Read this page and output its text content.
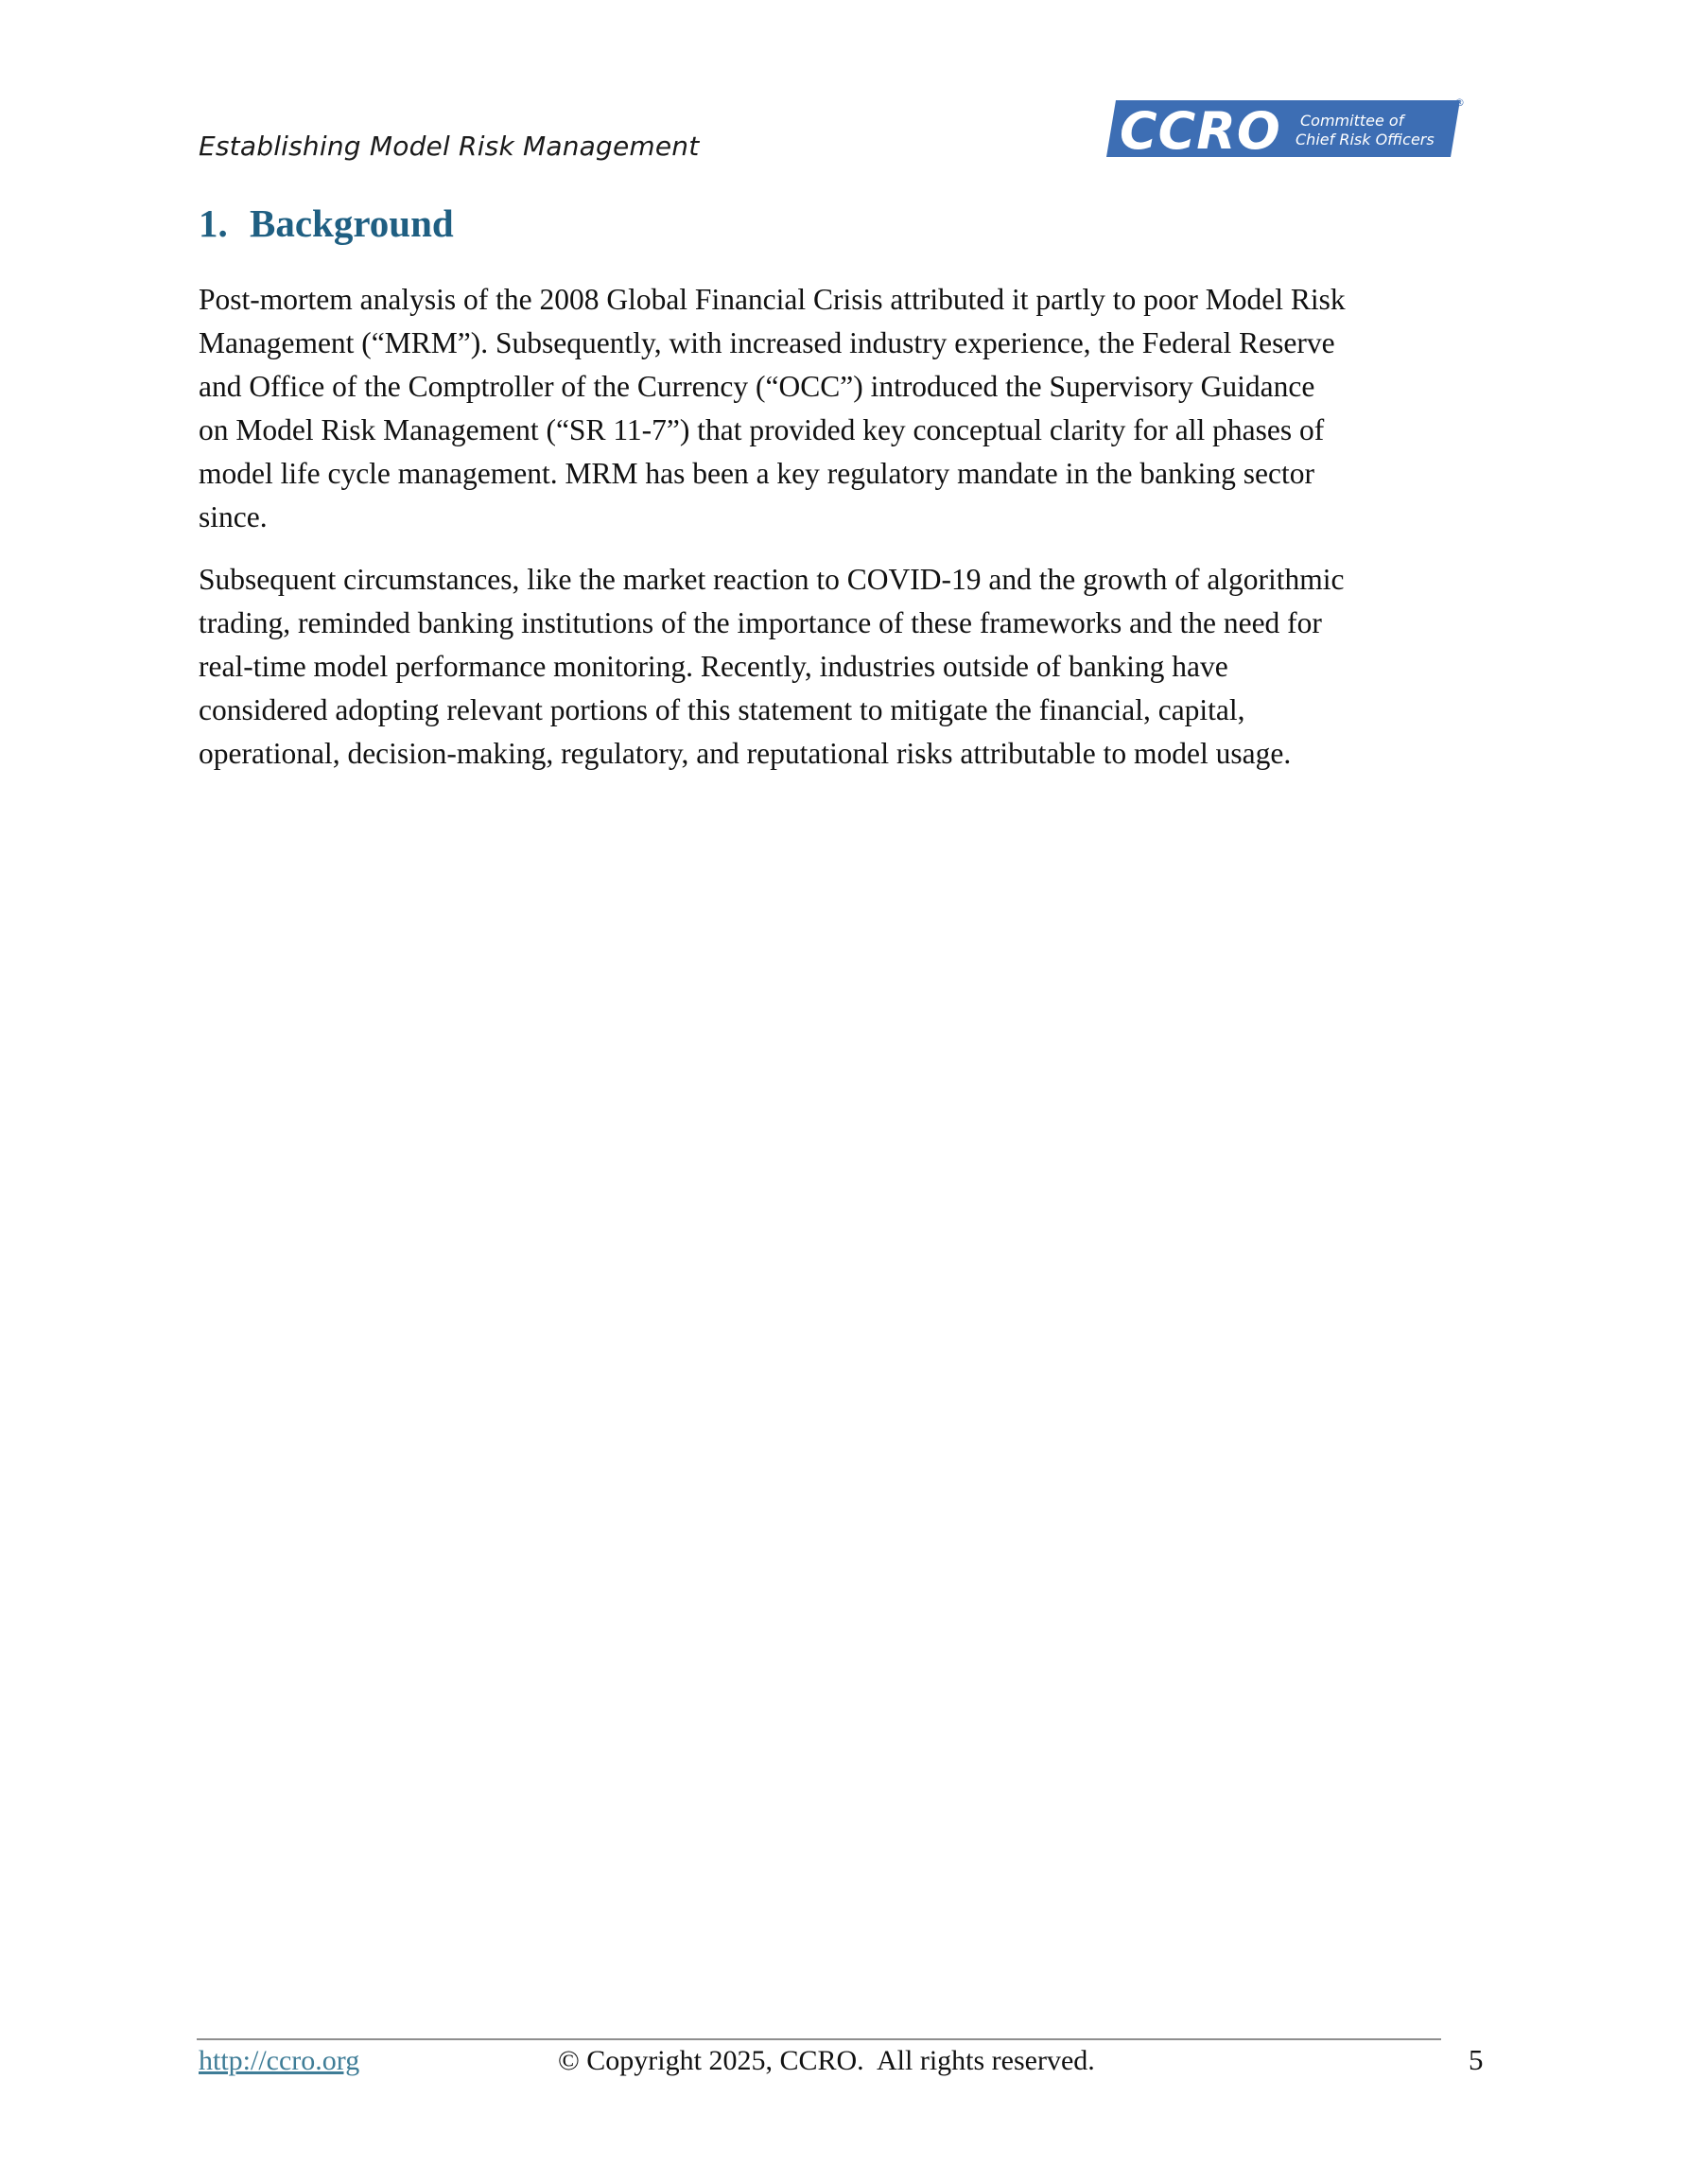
Establishing Model Risk Management	CCRO Committee of
Chief Risk Officers
®
1. Background

Post-mortem analysis of the 2008 Global Financial Crisis attributed it partly to poor Model Risk
Management (“MRM”). Subsequently, with increased industry experience, the Federal Reserve
and Office of the Comptroller of the Currency (“OCC”) introduced the Supervisory Guidance
on Model Risk Management (“SR 11-7”) that provided key conceptual clarity for all phases of
model life cycle management. MRM has been a key regulatory mandate in the banking sector
since.

Subsequent circumstances, like the market reaction to COVID-19 and the growth of algorithmic
trading, reminded banking institutions of the importance of these frameworks and the need for
real-time model performance monitoring. Recently, industries outside of banking have
considered adopting relevant portions of this statement to mitigate the financial, capital,
operational, decision-making, regulatory, and reputational risks attributable to model usage.

http://ccro.org	© Copyright 2025, CCRO.  All rights reserved.	5
